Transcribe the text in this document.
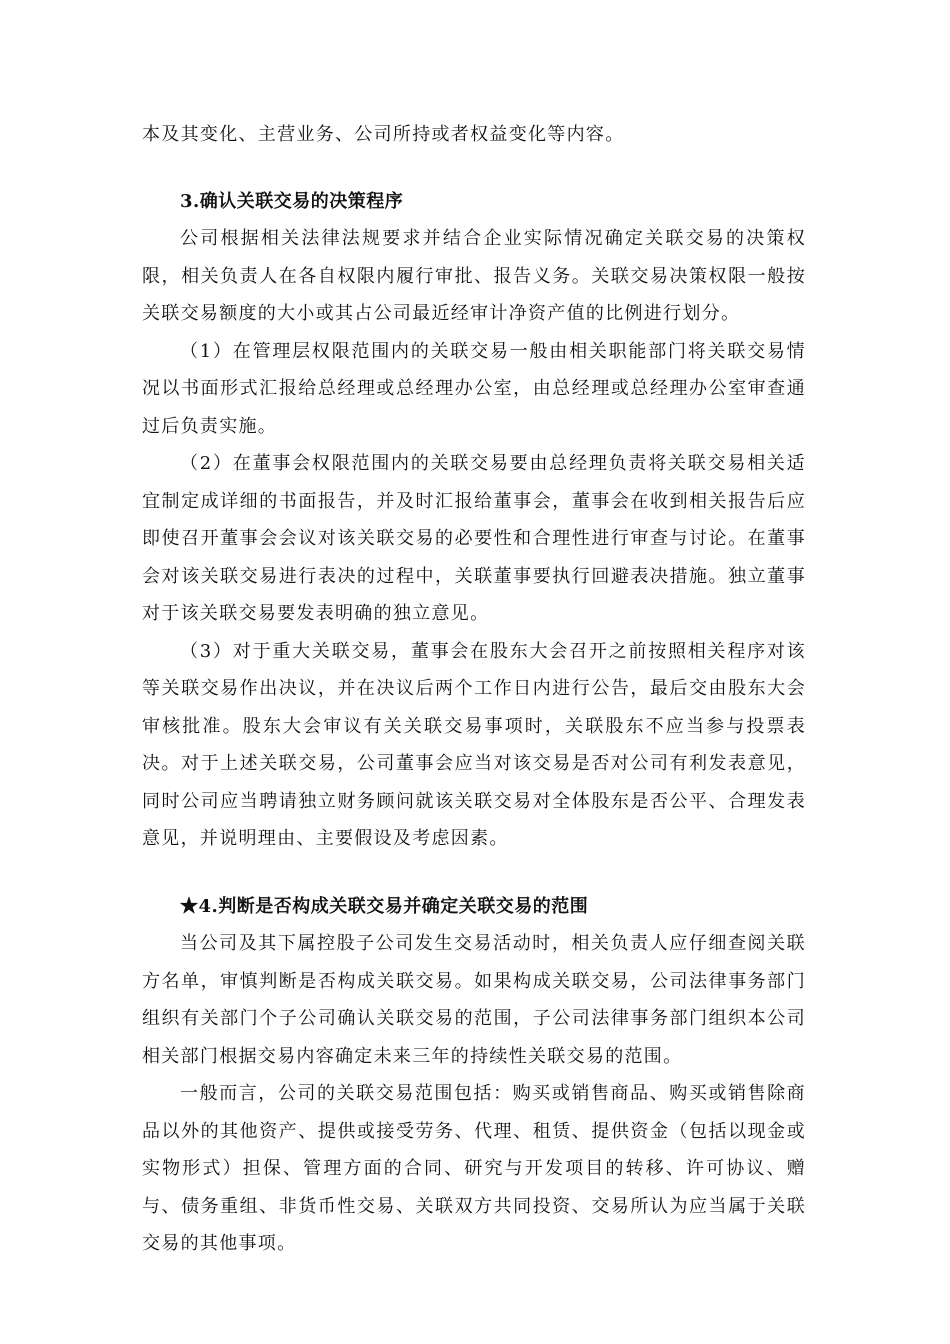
本及其变化、主营业务、公司所持或者权益变化等内容。

3.确认关联交易的决策程序

公司根据相关法律法规要求并结合企业实际情况确定关联交易的决策权限，相关负责人在各自权限内履行审批、报告义务。关联交易决策权限一般按关联交易额度的大小或其占公司最近经审计净资产值的比例进行划分。

（1）在管理层权限范围内的关联交易一般由相关职能部门将关联交易情况以书面形式汇报给总经理或总经理办公室，由总经理或总经理办公室审查通过后负责实施。

（2）在董事会权限范围内的关联交易要由总经理负责将关联交易相关适宜制定成详细的书面报告，并及时汇报给董事会，董事会在收到相关报告后应即使召开董事会会议对该关联交易的必要性和合理性进行审查与讨论。在董事会对该关联交易进行表决的过程中，关联董事要执行回避表决措施。独立董事对于该关联交易要发表明确的独立意见。

（3）对于重大关联交易，董事会在股东大会召开之前按照相关程序对该等关联交易作出决议，并在决议后两个工作日内进行公告，最后交由股东大会审核批准。股东大会审议有关关联交易事项时，关联股东不应当参与投票表决。对于上述关联交易，公司董事会应当对该交易是否对公司有利发表意见，同时公司应当聘请独立财务顾问就该关联交易对全体股东是否公平、合理发表意见，并说明理由、主要假设及考虑因素。

★4.判断是否构成关联交易并确定关联交易的范围

当公司及其下属控股子公司发生交易活动时，相关负责人应仔细查阅关联方名单，审慎判断是否构成关联交易。如果构成关联交易，公司法律事务部门组织有关部门个子公司确认关联交易的范围，子公司法律事务部门组织本公司相关部门根据交易内容确定未来三年的持续性关联交易的范围。

一般而言，公司的关联交易范围包括：购买或销售商品、购买或销售除商品以外的其他资产、提供或接受劳务、代理、租赁、提供资金（包括以现金或实物形式）担保、管理方面的合同、研究与开发项目的转移、许可协议、赠与、债务重组、非货币性交易、关联双方共同投资、交易所认为应当属于关联交易的其他事项。
